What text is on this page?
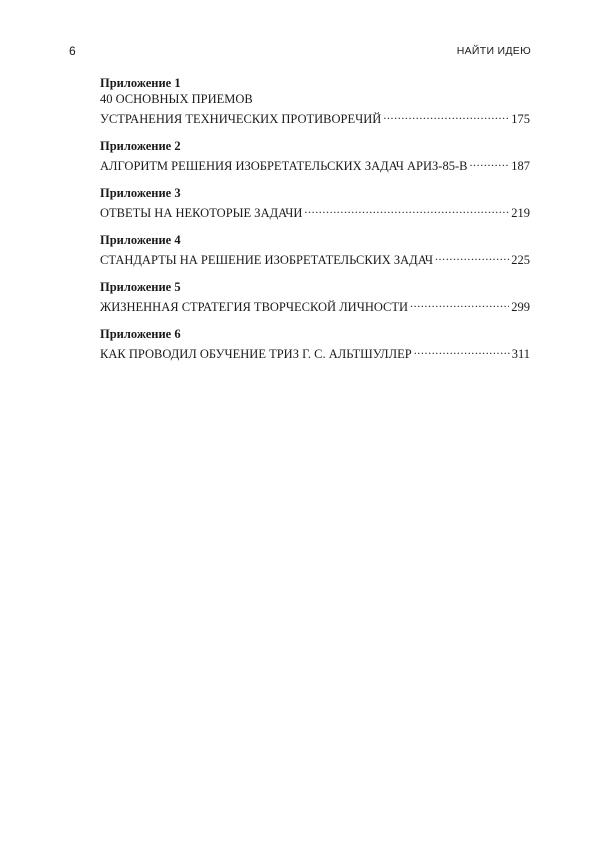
6	НАЙТИ ИДЕЮ
Приложение 1
40 ОСНОВНЫХ ПРИЕМОВ
УСТРАНЕНИЯ ТЕХНИЧЕСКИХ ПРОТИВОРЕЧИЙ . . .	175
Приложение 2
АЛГОРИТМ РЕШЕНИЯ ИЗОБРЕТАТЕЛЬСКИХ ЗАДАЧ АРИЗ-85-В . . .	187
Приложение 3
ОТВЕТЫ НА НЕКОТОРЫЕ ЗАДАЧИ . . .	219
Приложение 4
СТАНДАРТЫ НА РЕШЕНИЕ ИЗОБРЕТАТЕЛЬСКИХ ЗАДАЧ . . .	225
Приложение 5
ЖИЗНЕННАЯ СТРАТЕГИЯ ТВОРЧЕСКОЙ ЛИЧНОСТИ . . .	299
Приложение 6
КАК ПРОВОДИЛ ОБУЧЕНИЕ ТРИЗ Г. С. АЛЬТШУЛЛЕР . . .	311
